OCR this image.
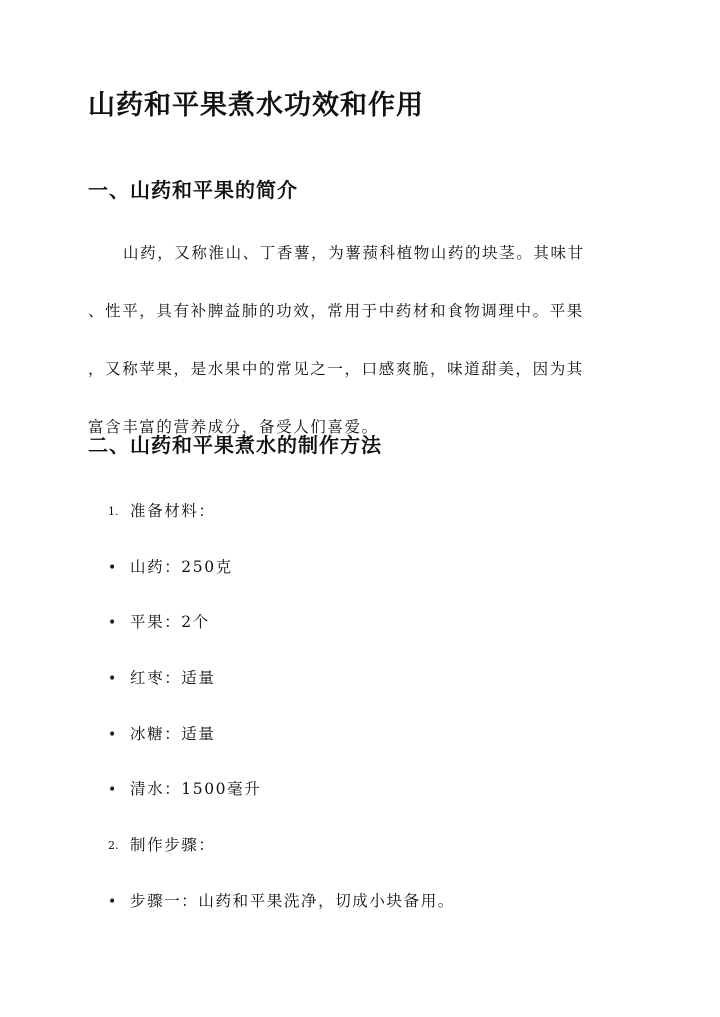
山药和平果煮水功效和作用
一、山药和平果的简介
山药，又称淮山、丁香薯，为薯蓣科植物山药的块茎。其味甘
、性平，具有补脾益肺的功效，常用于中药材和食物调理中。平果
，又称苹果，是水果中的常见之一，口感爽脆，味道甜美，因为其
富含丰富的营养成分，备受人们喜爱。
二、山药和平果煮水的制作方法
1. 准备材料：
• 山药：250克
• 平果：2个
• 红枣：适量
• 冰糖：适量
• 清水：1500毫升
2. 制作步骤：
• 步骤一：山药和平果洗净，切成小块备用。
